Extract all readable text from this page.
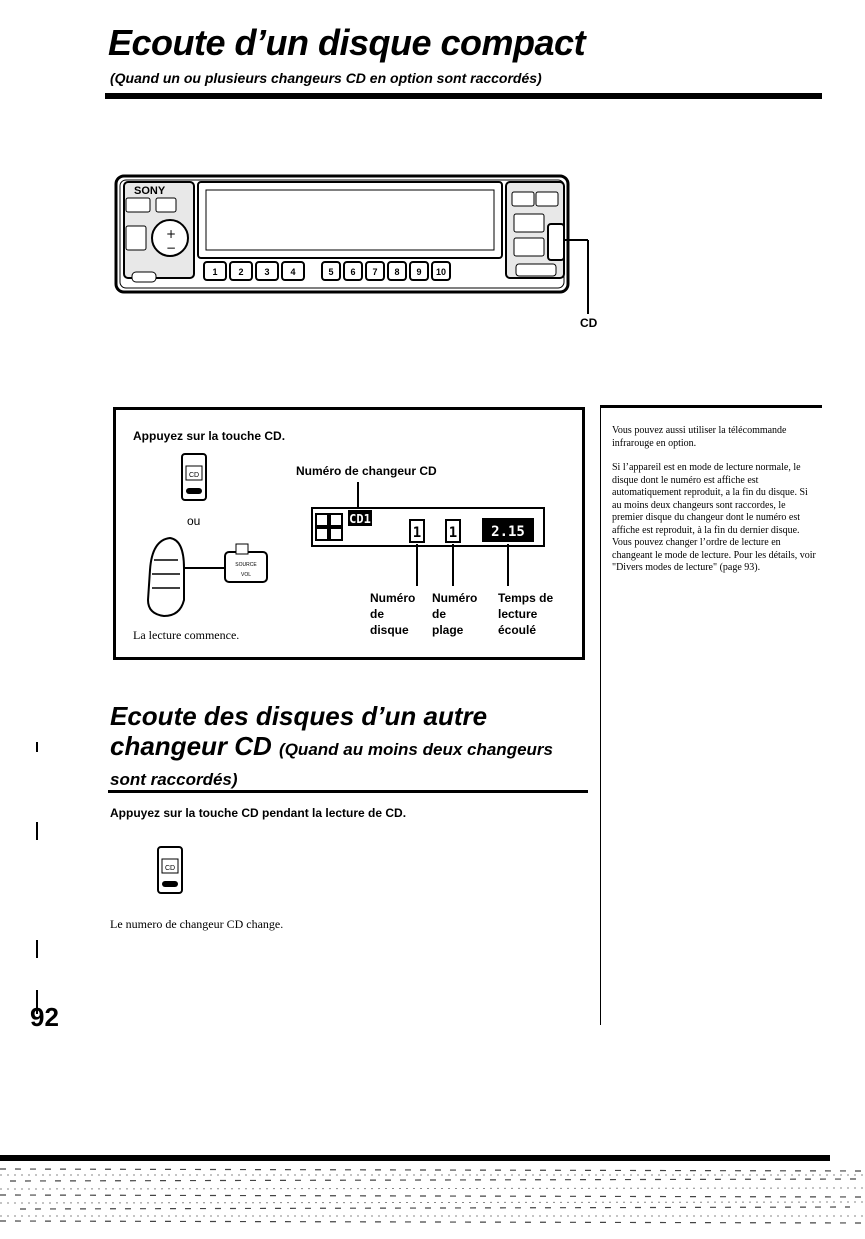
Ecoute d’un disque compact
(Quand un ou plusieurs changeurs CD en option sont raccordés)
SONY
+
−
1 2 3 4	5 6 7 8 9 10
CD
Appuyez sur la touche CD.
CD
ou
SOURCE
VOL
Numéro de changeur CD
CD1
1 1 2.15
Numéro
de
disque
Numéro
de
plage
Temps de
lecture
écoulé
La lecture commence.
Ecoute des disques d’un autre
changeur CD (Quand au moins deux changeurs
sont raccordés)
Appuyez sur la touche CD pendant la lecture de CD.
CD
Le numero de changeur CD change.

Vous pouvez aussi utiliser la télécommande infrarouge en option.

Si l’appareil est en mode de lecture normale, le disque dont le numéro est affiche est automatiquement reproduit, a la fin du disque. Si au moins deux changeurs sont raccordes, le premier disque du changeur dont le numéro est affiche est reproduit, à la fin du dernier disque. Vous pouvez changer l’ordre de lecture en changeant le mode de lecture. Pour les détails, voir "Divers modes de lecture" (page 93).

92
